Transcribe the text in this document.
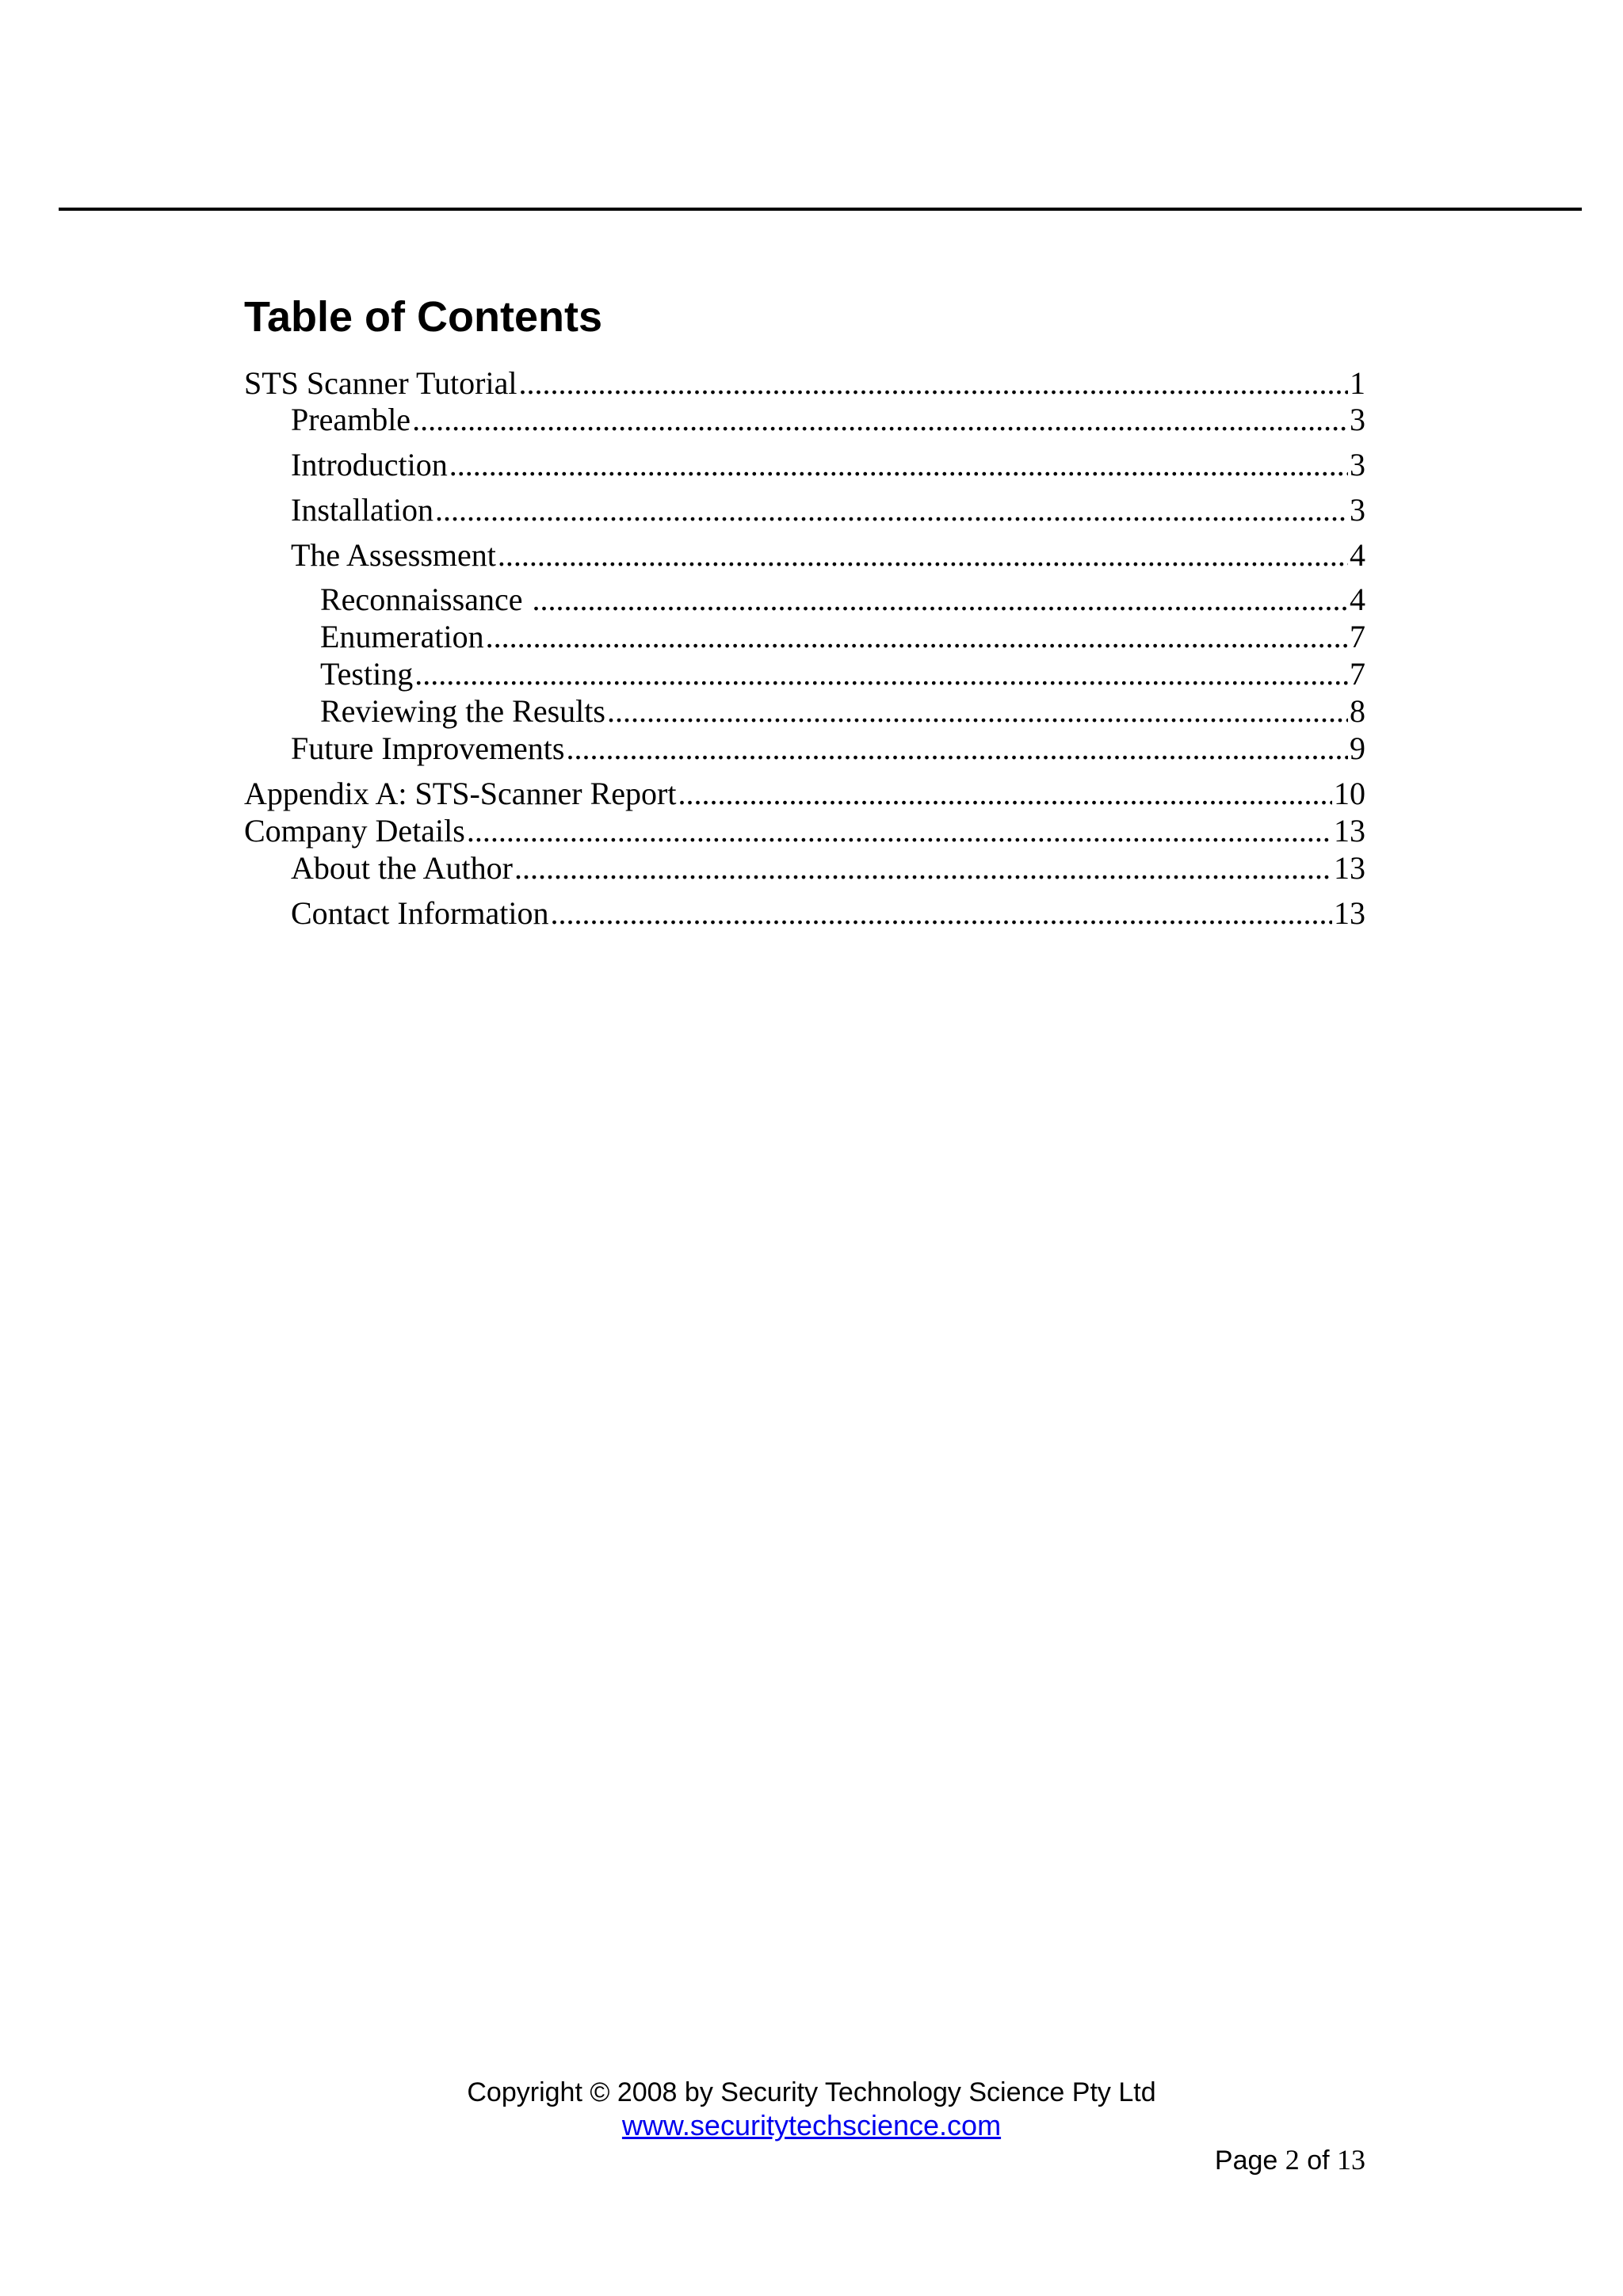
Table of Contents
STS Scanner Tutorial .....	1
Preamble .....	3
Introduction .....	3
Installation .....	3
The Assessment .....	4
Reconnaissance .....	4
Enumeration .....	7
Testing .....	7
Reviewing the Results .....	8
Future Improvements .....	9
Appendix A: STS-Scanner Report .....	10
Company Details .....	13
About the Author .....	13
Contact Information .....	13
Copyright © 2008 by Security Technology Science Pty Ltd
www.securitytechscience.com
Page 2 of 13
